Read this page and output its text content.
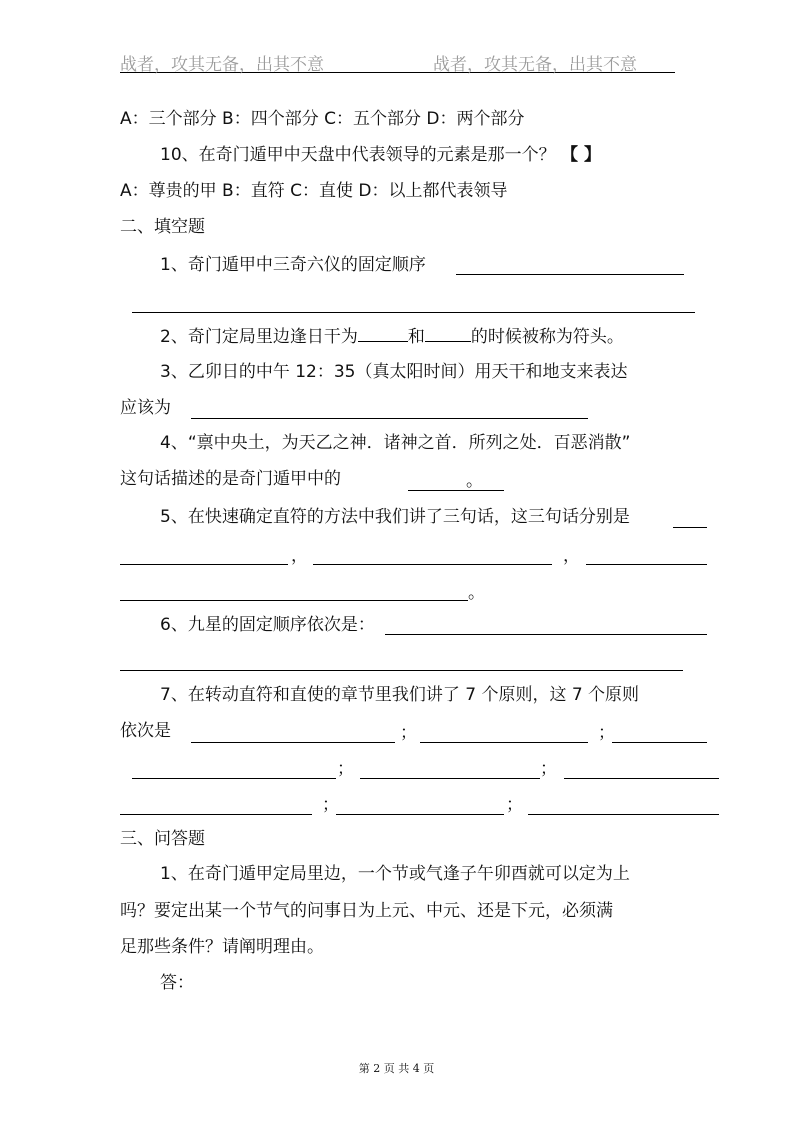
战者，攻其无备，出其不意	战者，攻其无备，出其不意
A：三个部分 B：四个部分 C：五个部分 D：两个部分
10、在奇门遁甲中天盘中代表领导的元素是那一个？ 【 】
A：尊贵的甲 B：直符 C：直使 D：以上都代表领导
二、填空题
1、奇门遁甲中三奇六仪的固定顺序
2、奇门定局里边逢日干为	和	的时候被称为符头。
3、乙卯日的中午 12：35（真太阳时间）用天干和地支来表达
应该为
4、“禀中央土，为天乙之神．诸神之首．所列之处．百恶消散”
这句话描述的是奇门遁甲中的	。
5、在快速确定直符的方法中我们讲了三句话，这三句话分别是
，	，
。
6、九星的固定顺序依次是：
7、在转动直符和直使的章节里我们讲了 7 个原则，这 7 个原则
依次是	；	；
；	；
；	；
三、问答题
1、在奇门遁甲定局里边，一个节或气逢子午卯酉就可以定为上
吗？要定出某一个节气的问事日为上元、中元、还是下元，必须满
足那些条件？请阐明理由。
答：
第 2 页 共 4 页
